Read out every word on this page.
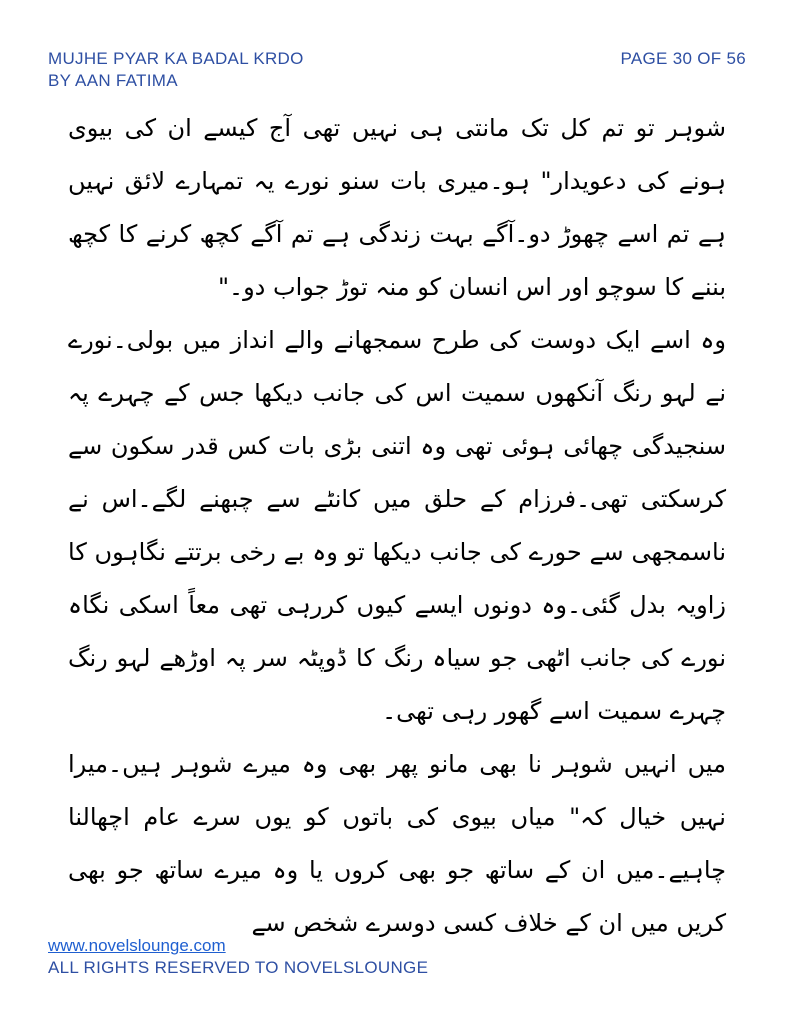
MUJHE PYAR KA BADAL KRDO
BY AAN FATIMA
PAGE 30 OF 56

شوہر تو تم کل تک مانتی ہی نہیں تھی آج کیسے ان کی بیوی ہونے کی دعویدار" ہو۔میری بات سنو نورے یہ تمہارے لائق نہیں ہے تم اسے چھوڑ دو۔آگے بہت زندگی ہے تم آگے کچھ کرنے کا کچھ بننے کا سوچو اور اس انسان کو منہ توڑ جواب دو۔"

وہ اسے ایک دوست کی طرح سمجھانے والے انداز میں بولی۔نورے نے لہو رنگ آنکھوں سمیت اس کی جانب دیکھا جس کے چہرے پہ سنجیدگی چھائی ہوئی تھی وہ اتنی بڑی بات کس قدر سکون سے کرسکتی تھی۔فرزام کے حلق میں کانٹے سے چبھنے لگے۔اس نے ناسمجھی سے حورے کی جانب دیکھا تو وہ بے رخی برتتے نگاہوں کا زاویہ بدل گئی۔وہ دونوں ایسے کیوں کررہی تھی معاً اسکی نگاہ نورے کی جانب اٹھی جو سیاہ رنگ کا ڈوپٹہ سر پہ اوڑھے لہو رنگ چہرے سمیت اسے گھور رہی تھی۔

میں انہیں شوہر نا بھی مانو پھر بھی وہ میرے شوہر ہیں۔میرا نہیں خیال کہ" میاں بیوی کی باتوں کو یوں سرے عام اچھالنا چاہیے۔میں ان کے ساتھ جو بھی کروں یا وہ میرے ساتھ جو بھی کریں میں ان کے خلاف کسی دوسرے شخص سے

www.novelslounge.com
ALL RIGHTS RESERVED TO NOVELSLOUNGE
